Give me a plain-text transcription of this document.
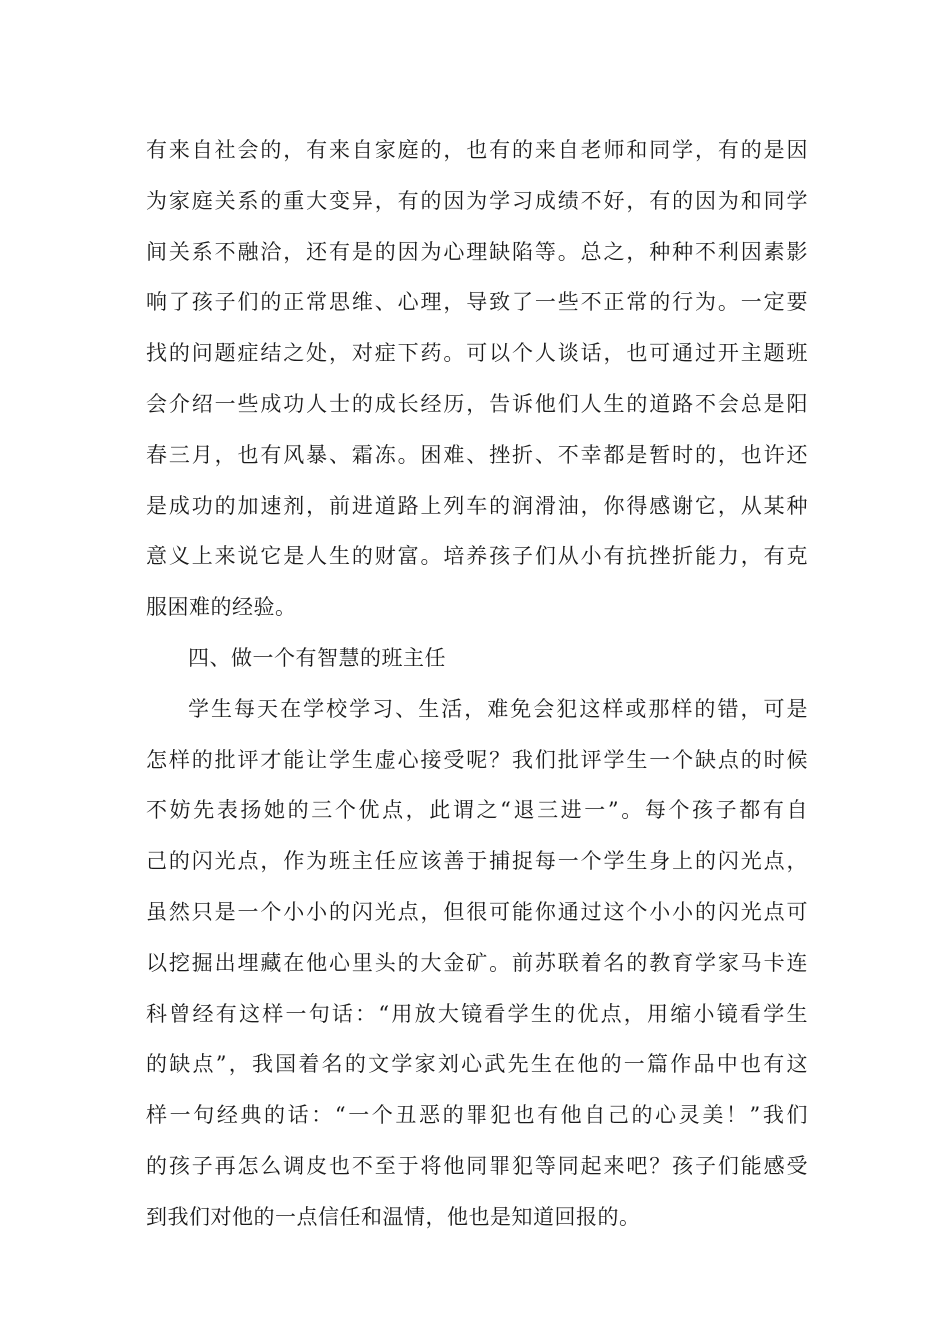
有来自社会的，有来自家庭的，也有的来自老师和同学，有的是因
为家庭关系的重大变异，有的因为学习成绩不好，有的因为和同学
间关系不融洽，还有是的因为心理缺陷等。总之，种种不利因素影
响了孩子们的正常思维、心理，导致了一些不正常的行为。一定要
找的问题症结之处，对症下药。可以个人谈话，也可通过开主题班
会介绍一些成功人士的成长经历，告诉他们人生的道路不会总是阳
春三月，也有风暴、霜冻。困难、挫折、不幸都是暂时的，也许还
是成功的加速剂，前进道路上列车的润滑油，你得感谢它，从某种
意义上来说它是人生的财富。培养孩子们从小有抗挫折能力，有克
服困难的经验。
四、做一个有智慧的班主任
学生每天在学校学习、生活，难免会犯这样或那样的错，可是
怎样的批评才能让学生虚心接受呢？我们批评学生一个缺点的时候
不妨先表扬她的三个优点，此谓之“退三进一”。每个孩子都有自
己的闪光点，作为班主任应该善于捕捉每一个学生身上的闪光点，
虽然只是一个小小的闪光点，但很可能你通过这个小小的闪光点可
以挖掘出埋藏在他心里头的大金矿。前苏联着名的教育学家马卡连
科曾经有这样一句话：“用放大镜看学生的优点，用缩小镜看学生
的缺点”，我国着名的文学家刘心武先生在他的一篇作品中也有这
样一句经典的话：“一个丑恶的罪犯也有他自己的心灵美！”我们
的孩子再怎么调皮也不至于将他同罪犯等同起来吧？孩子们能感受
到我们对他的一点信任和温情，他也是知道回报的。
